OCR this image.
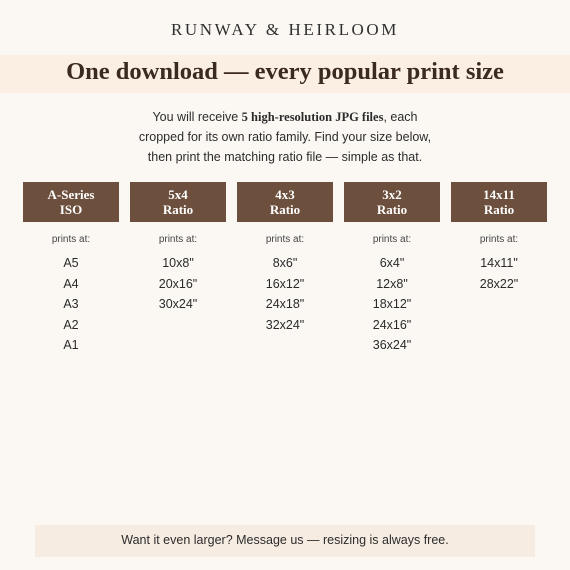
RUNWAY & HEIRLOOM
One download — every popular print size
You will receive 5 high-resolution JPG files, each
cropped for its own ratio family. Find your size below,
then print the matching ratio file — simple as that.
A-Series
ISO
prints at:
A5
A4
A3
A2
A1
5x4
Ratio
prints at:
10x8"
20x16"
30x24"
4x3
Ratio
prints at:
8x6"
16x12"
24x18"
32x24"
3x2
Ratio
prints at:
6x4"
12x8"
18x12"
24x16"
36x24"
14x11
Ratio
prints at:
14x11"
28x22"
Want it even larger? Message us — resizing is always free.
